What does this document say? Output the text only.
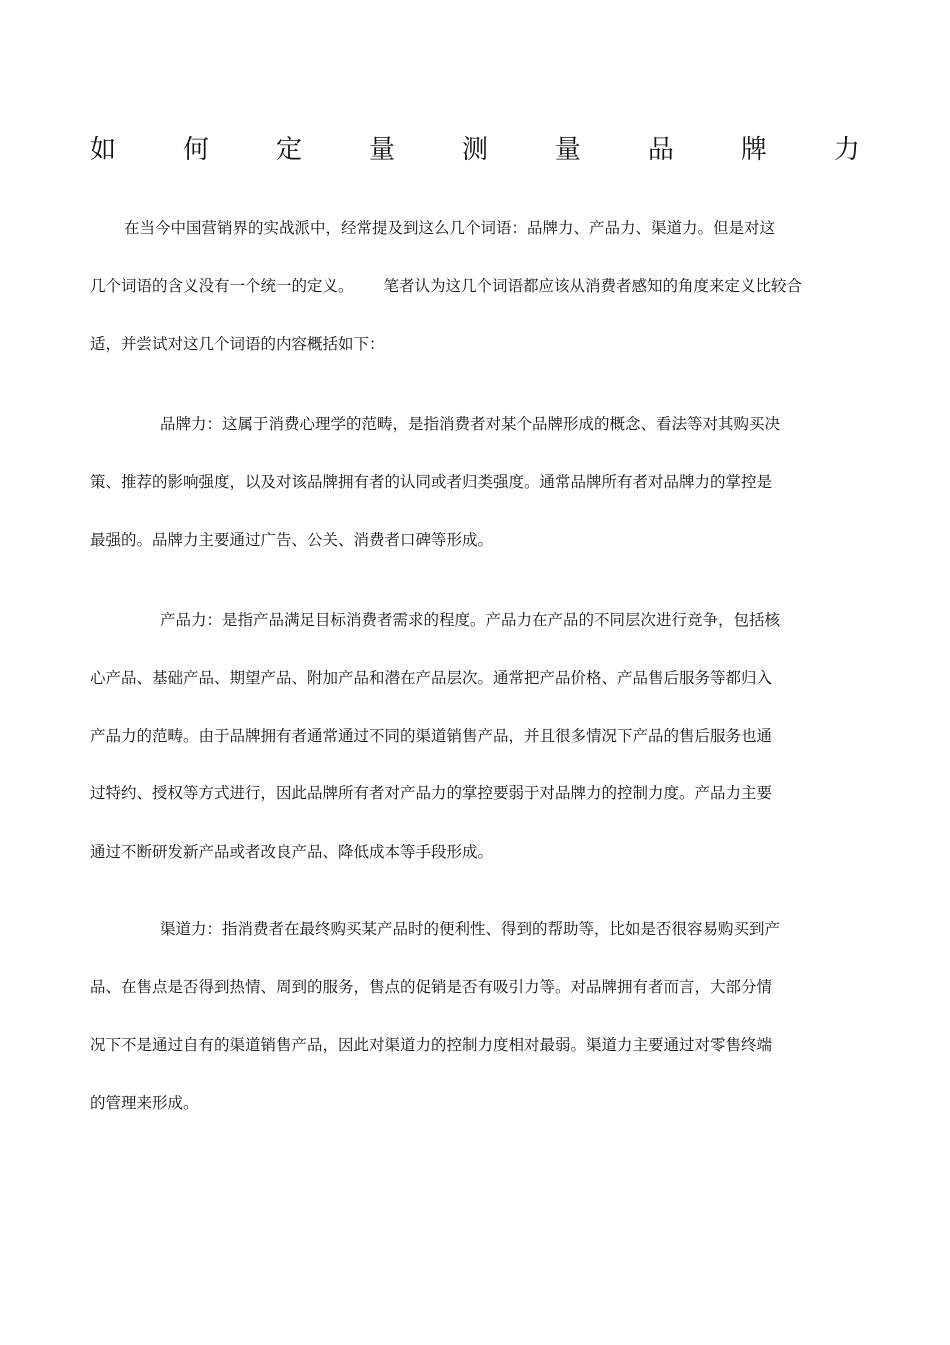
如	何	定	量	测	量	品	牌	力
在当今中国营销界的实战派中，经常提及到这么几个词语：品牌力、产品力、渠道力。但是对这
几个词语的含义没有一个统一的定义。 笔者认为这几个词语都应该从消费者感知的角度来定义比较合
适，并尝试对这几个词语的内容概括如下：
品牌力：这属于消费心理学的范畴，是指消费者对某个品牌形成的概念、看法等对其购买决
策、推荐的影响强度，以及对该品牌拥有者的认同或者归类强度。通常品牌所有者对品牌力的掌控是
最强的。品牌力主要通过广告、公关、消费者口碑等形成。
产品力：是指产品满足目标消费者需求的程度。产品力在产品的不同层次进行竞争，包括核
心产品、基础产品、期望产品、附加产品和潜在产品层次。通常把产品价格、产品售后服务等都归入
产品力的范畴。由于品牌拥有者通常通过不同的渠道销售产品，并且很多情况下产品的售后服务也通
过特约、授权等方式进行，因此品牌所有者对产品力的掌控要弱于对品牌力的控制力度。产品力主要
通过不断研发新产品或者改良产品、降低成本等手段形成。
渠道力：指消费者在最终购买某产品时的便利性、得到的帮助等，比如是否很容易购买到产
品、在售点是否得到热情、周到的服务，售点的促销是否有吸引力等。对品牌拥有者而言，大部分情
况下不是通过自有的渠道销售产品，因此对渠道力的控制力度相对最弱。渠道力主要通过对零售终端
的管理来形成。
